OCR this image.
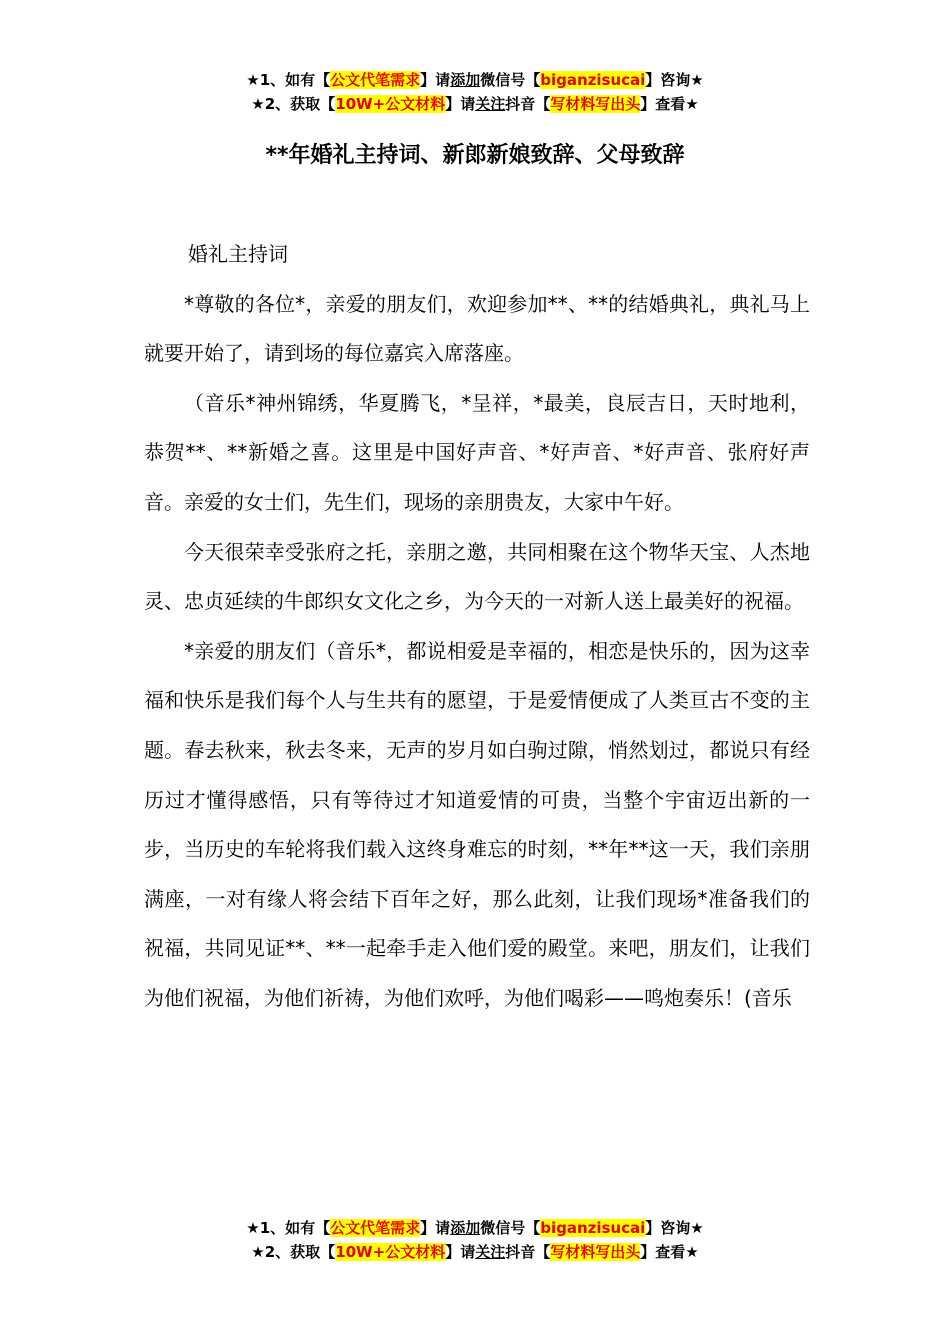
★1、如有【公文代笔需求】请添加微信号【biganzisucai】咨询★
★2、获取【10W+公文材料】请关注抖音【写材料写出头】查看★
**年婚礼主持词、新郎新娘致辞、父母致辞

婚礼主持词

*尊敬的各位*，亲爱的朋友们，欢迎参加**、**的结婚典礼，典礼马上就要开始了，请到场的每位嘉宾入席落座。

（音乐*神州锦绣，华夏腾飞，*呈祥，*最美，良辰吉日，天时地利，恭贺**、**新婚之喜。这里是中国好声音、*好声音、*好声音、张府好声音。亲爱的女士们，先生们，现场的亲朋贵友，大家中午好。

今天很荣幸受张府之托，亲朋之邀，共同相聚在这个物华天宝、人杰地灵、忠贞延续的牛郎织女文化之乡，为今天的一对新人送上最美好的祝福。

*亲爱的朋友们（音乐*，都说相爱是幸福的，相恋是快乐的，因为这幸福和快乐是我们每个人与生共有的愿望，于是爱情便成了人类亘古不变的主题。春去秋来，秋去冬来，无声的岁月如白驹过隙，悄然划过，都说只有经历过才懂得感悟，只有等待过才知道爱情的可贵，当整个宇宙迈出新的一步，当历史的车轮将我们载入这终身难忘的时刻，**年**这一天，我们亲朋满座，一对有缘人将会结下百年之好，那么此刻，让我们现场*准备我们的祝福，共同见证**、**一起牵手走入他们爱的殿堂。来吧，朋友们，让我们为他们祝福，为他们祈祷，为他们欢呼，为他们喝彩——鸣炮奏乐！(音乐

★1、如有【公文代笔需求】请添加微信号【biganzisucai】咨询★
★2、获取【10W+公文材料】请关注抖音【写材料写出头】查看★
